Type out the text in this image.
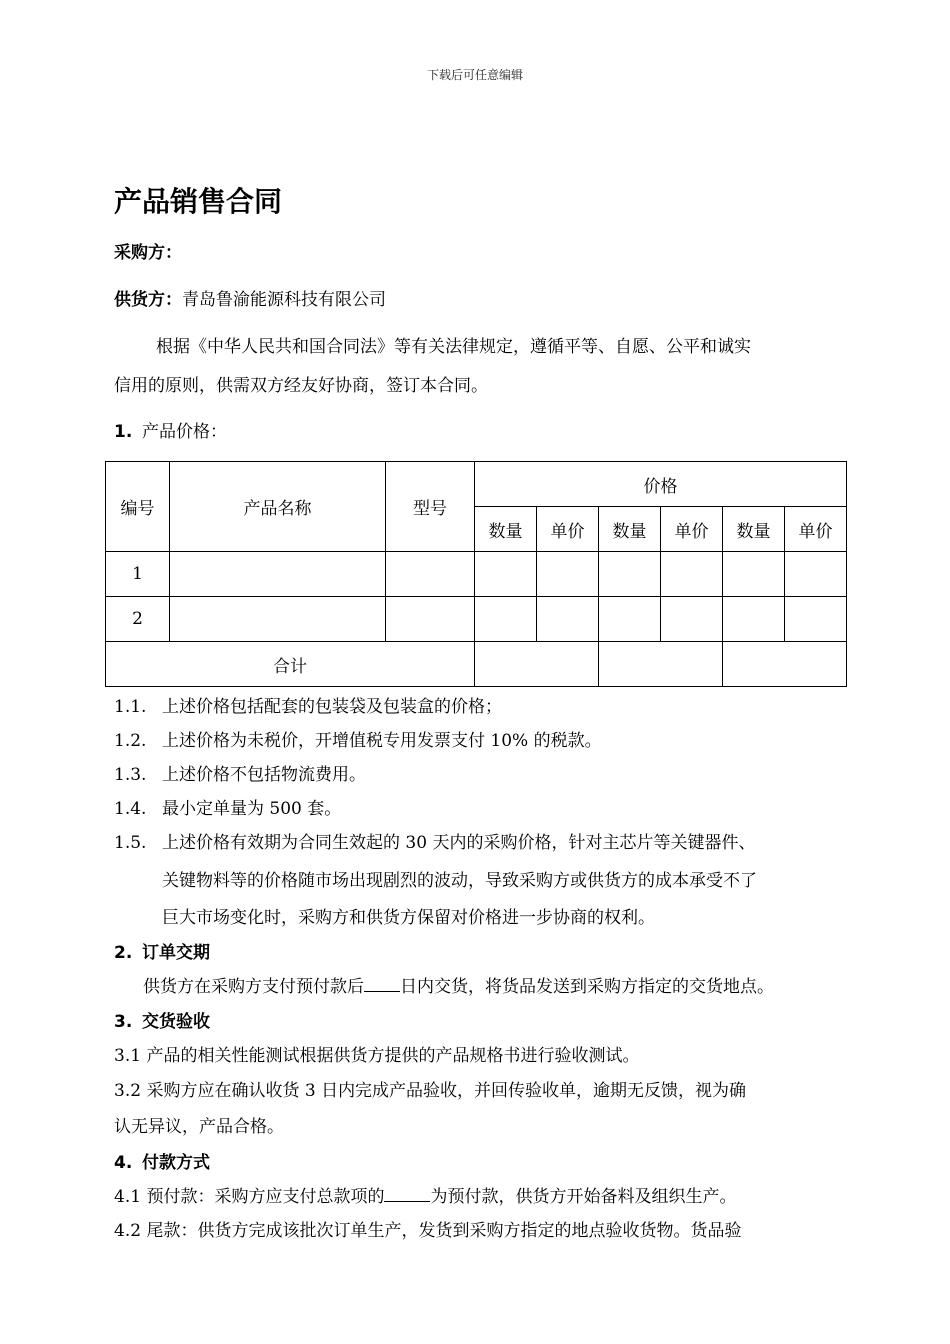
下载后可任意编辑
产品销售合同
采购方：
供货方：青岛鲁渝能源科技有限公司
根据《中华人民共和国合同法》等有关法律规定，遵循平等、自愿、公平和诚实
信用的原则，供需双方经友好协商，签订本合同。
1. 产品价格：
编号	产品名称	型号	价格					
			数量	单价	数量	单价	数量	单价
1								
2								
合计								
1.1. 上述价格包括配套的包装袋及包装盒的价格；
1.2. 上述价格为未税价，开增值税专用发票支付 10% 的税款。
1.3. 上述价格不包括物流费用。
1.4. 最小定单量为 500 套。
1.5. 上述价格有效期为合同生效起的 30 天内的采购价格，针对主芯片等关键器件、
关键物料等的价格随市场出现剧烈的波动，导致采购方或供货方的成本承受不了
巨大市场变化时，采购方和供货方保留对价格进一步协商的权利。
2. 订单交期
供货方在采购方支付预付款后 日内交货，将货品发送到采购方指定的交货地点。
3. 交货验收
3.1 产品的相关性能测试根据供货方提供的产品规格书进行验收测试。
3.2 采购方应在确认收货 3 日内完成产品验收，并回传验收单，逾期无反馈，视为确
认无异议，产品合格。
4. 付款方式
4.1 预付款：采购方应支付总款项的	为预付款，供货方开始备料及组织生产。
4.2 尾款：供货方完成该批次订单生产，发货到采购方指定的地点验收货物。货品验
